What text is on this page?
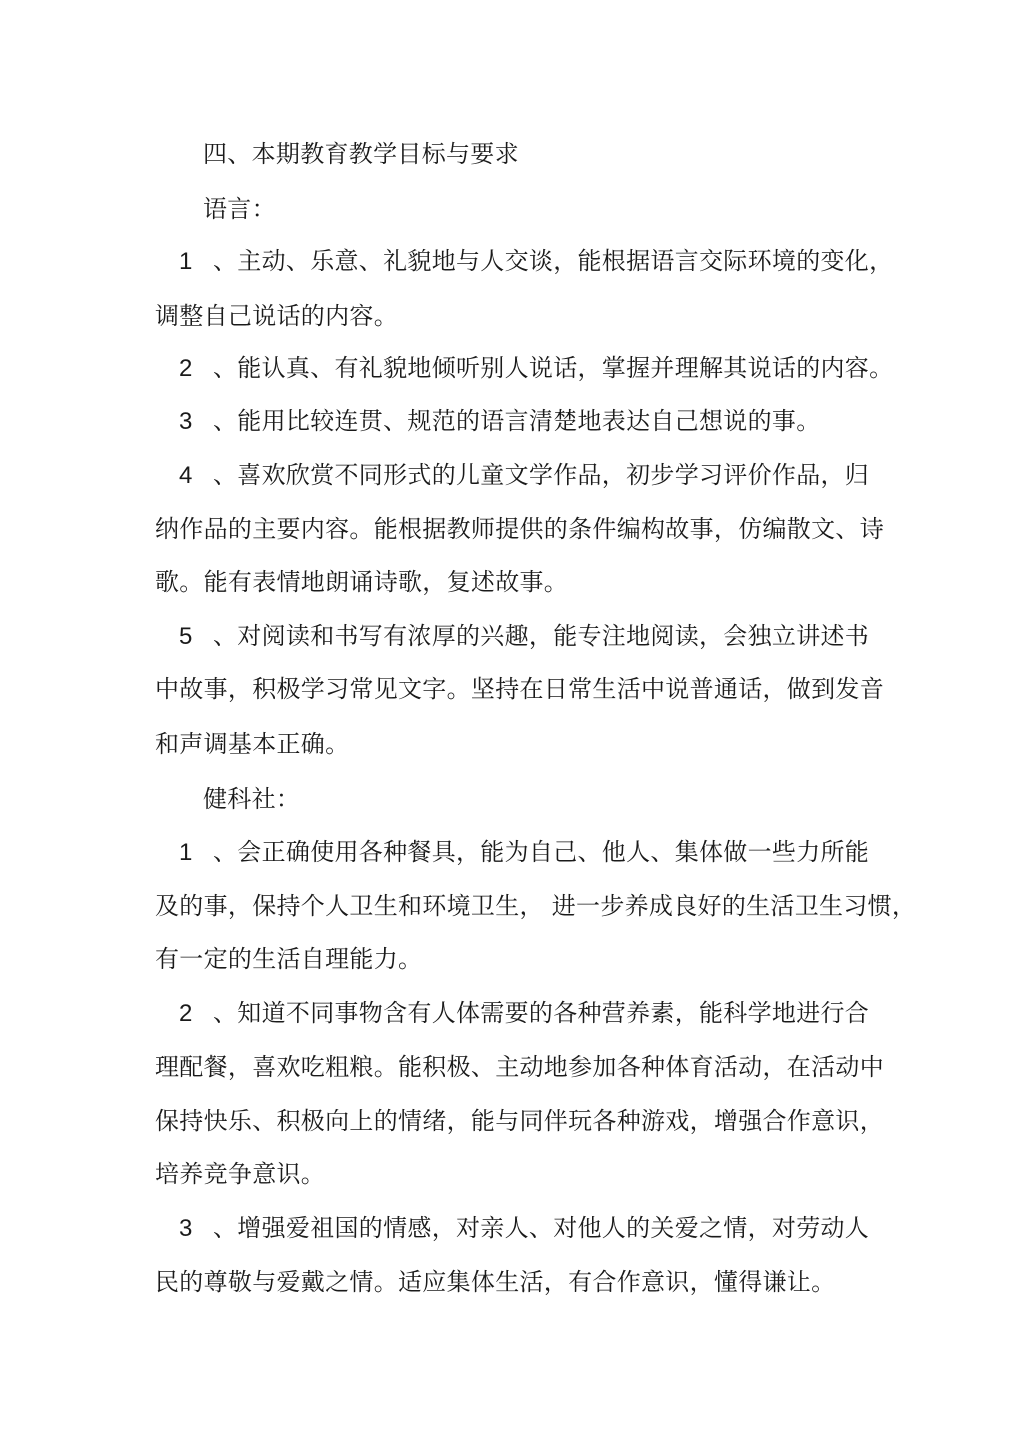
四、本期教育教学目标与要求
语言：
1 、主动、乐意、礼貌地与人交谈，能根据语言交际环境的变化，
调整自己说话的内容。
2 、能认真、有礼貌地倾听别人说话，掌握并理解其说话的内容。
3 、能用比较连贯、规范的语言清楚地表达自己想说的事。
4 、喜欢欣赏不同形式的儿童文学作品，初步学习评价作品，归
纳作品的主要内容。能根据教师提供的条件编构故事，仿编散文、诗
歌。能有表情地朗诵诗歌，复述故事。
5 、对阅读和书写有浓厚的兴趣，能专注地阅读，会独立讲述书
中故事，积极学习常见文字。坚持在日常生活中说普通话，做到发音
和声调基本正确。
健科社：
1 、会正确使用各种餐具，能为自己、他人、集体做一些力所能
及的事，保持个人卫生和环境卫生， 进一步养成良好的生活卫生习惯，
有一定的生活自理能力。
2 、知道不同事物含有人体需要的各种营养素，能科学地进行合
理配餐，喜欢吃粗粮。能积极、主动地参加各种体育活动，在活动中
保持快乐、积极向上的情绪，能与同伴玩各种游戏，增强合作意识，
培养竞争意识。
3 、增强爱祖国的情感，对亲人、对他人的关爱之情，对劳动人
民的尊敬与爱戴之情。适应集体生活，有合作意识，懂得谦让。
